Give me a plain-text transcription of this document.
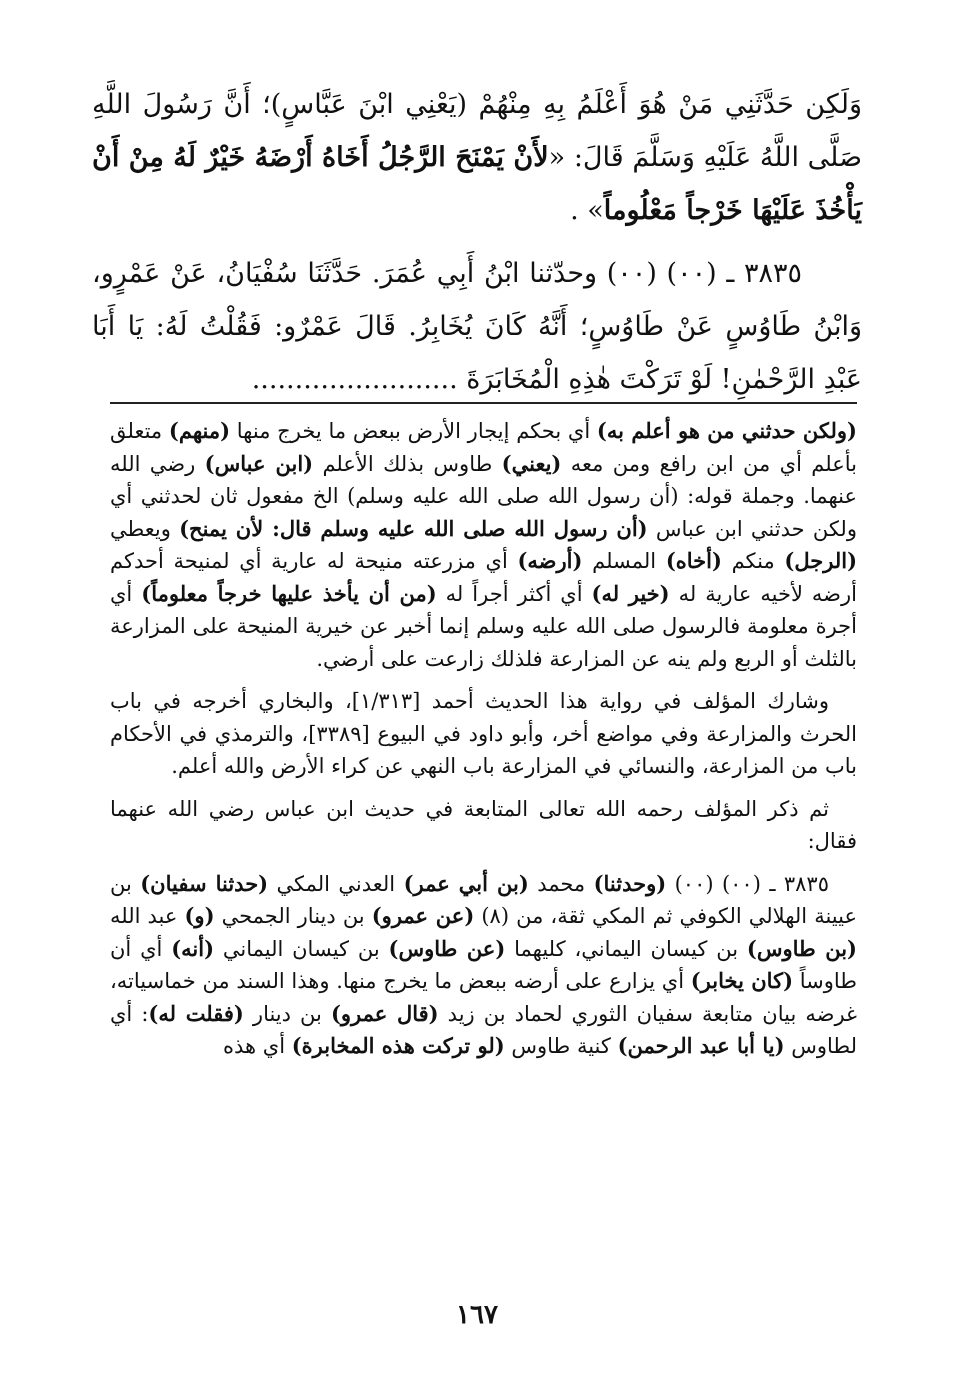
وَلَكِن حَدَّثَنِي مَنْ هُوَ أَعْلَمُ بِهِ مِنْهُمْ (يَعْنِي ابْنَ عَبَّاسٍ)؛ أَنَّ رَسُولَ اللَّهِ صَلَّى اللَّهُ عَلَيْهِ وَسَلَّمَ قَالَ: «لأَنْ يَمْنَحَ الرَّجُلُ أَخَاهُ أَرْضَهُ خَيْرٌ لَهُ مِنْ أَنْ يَأْخُذَ عَلَيْهَا خَرْجاً مَعْلُوماً» .

٣٨٣٥ ـ (٠٠) (٠٠) وحدّثنا ابْنُ أَبِي عُمَرَ. حَدَّثَنَا سُفْيَانُ، عَنْ عَمْرٍو، وَابْنُ طَاوُسٍ عَنْ طَاوُسٍ؛ أَنَّهُ كَانَ يُخَابِرُ. قَالَ عَمْرٌو: فَقُلْتُ لَهُ: يَا أَبَا عَبْدِ الرَّحْمٰنِ! لَوْ تَرَكْتَ هٰذِهِ الْمُخَابَرَةَ ........................

(ولكن حدثني من هو أعلم به) أي بحكم إيجار الأرض ببعض ما يخرج منها (منهم) متعلق بأعلم أي من ابن رافع ومن معه (يعني) طاوس بذلك الأعلم (ابن عباس) رضي الله عنهما. وجملة قوله: (أن رسول الله صلى الله عليه وسلم) الخ مفعول ثان لحدثني أي ولكن حدثني ابن عباس (أن رسول الله صلى الله عليه وسلم قال: لأن يمنح) ويعطي (الرجل) منكم (أخاه) المسلم (أرضه) أي مزرعته منيحة له عارية أي لمنيحة أحدكم أرضه لأخيه عارية له (خير له) أي أكثر أجراً له (من أن يأخذ عليها خرجاً معلوماً) أي أجرة معلومة فالرسول صلى الله عليه وسلم إنما أخبر عن خيرية المنيحة على المزارعة بالثلث أو الربع ولم ينه عن المزارعة فلذلك زارعت على أرضي.

وشارك المؤلف في رواية هذا الحديث أحمد [١/٣١٣]، والبخاري أخرجه في باب الحرث والمزارعة وفي مواضع أخر، وأبو داود في البيوع [٣٣٨٩]، والترمذي في الأحكام باب من المزارعة، والنسائي في المزارعة باب النهي عن كراء الأرض والله أعلم.

ثم ذكر المؤلف رحمه الله تعالى المتابعة في حديث ابن عباس رضي الله عنهما فقال:

٣٨٣٥ ـ (٠٠) (٠٠) (وحدثنا) محمد (بن أبي عمر) العدني المكي (حدثنا سفيان) بن عيينة الهلالي الكوفي ثم المكي ثقة، من (٨) (عن عمرو) بن دينار الجمحي (و) عبد الله (بن طاوس) بن كيسان اليماني، كليهما (عن طاوس) بن كيسان اليماني (أنه) أي أن طاوساً (كان يخابر) أي يزارع على أرضه ببعض ما يخرج منها. وهذا السند من خماسياته، غرضه بيان متابعة سفيان الثوري لحماد بن زيد (قال عمرو) بن دينار (فقلت له): أي لطاوس (يا أبا عبد الرحمن) كنية طاوس (لو تركت هذه المخابرة) أي هذه

١٦٧
